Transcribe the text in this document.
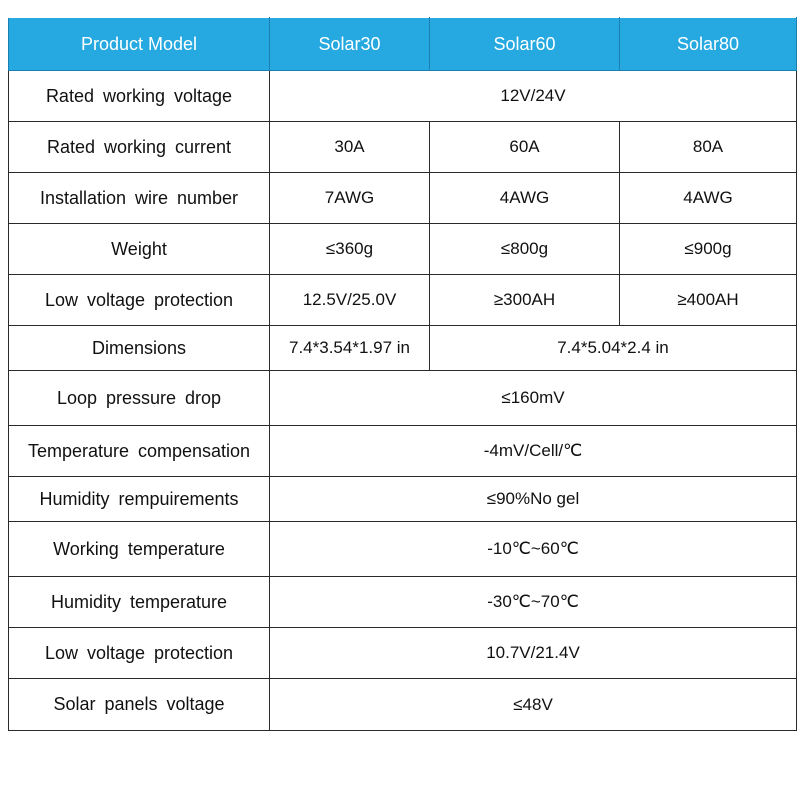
Product Model	Solar30	Solar60	Solar80
Rated working voltage	12V/24V		
Rated working current	30A	60A	80A
Installation wire number	7AWG	4AWG	4AWG
Weight	≤360g	≤800g	≤900g
Low voltage protection	12.5V/25.0V	≥300AH	≥400AH
Dimensions	7.4*3.54*1.97 in	7.4*5.04*2.4 in	
Loop pressure drop	≤160mV		
Temperature compensation	-4mV/Cell/℃		
Humidity rempuirements	≤90%No gel		
Working temperature	-10℃~60℃		
Humidity temperature	-30℃~70℃		
Low voltage protection	10.7V/21.4V		
Solar panels voltage	≤48V		
